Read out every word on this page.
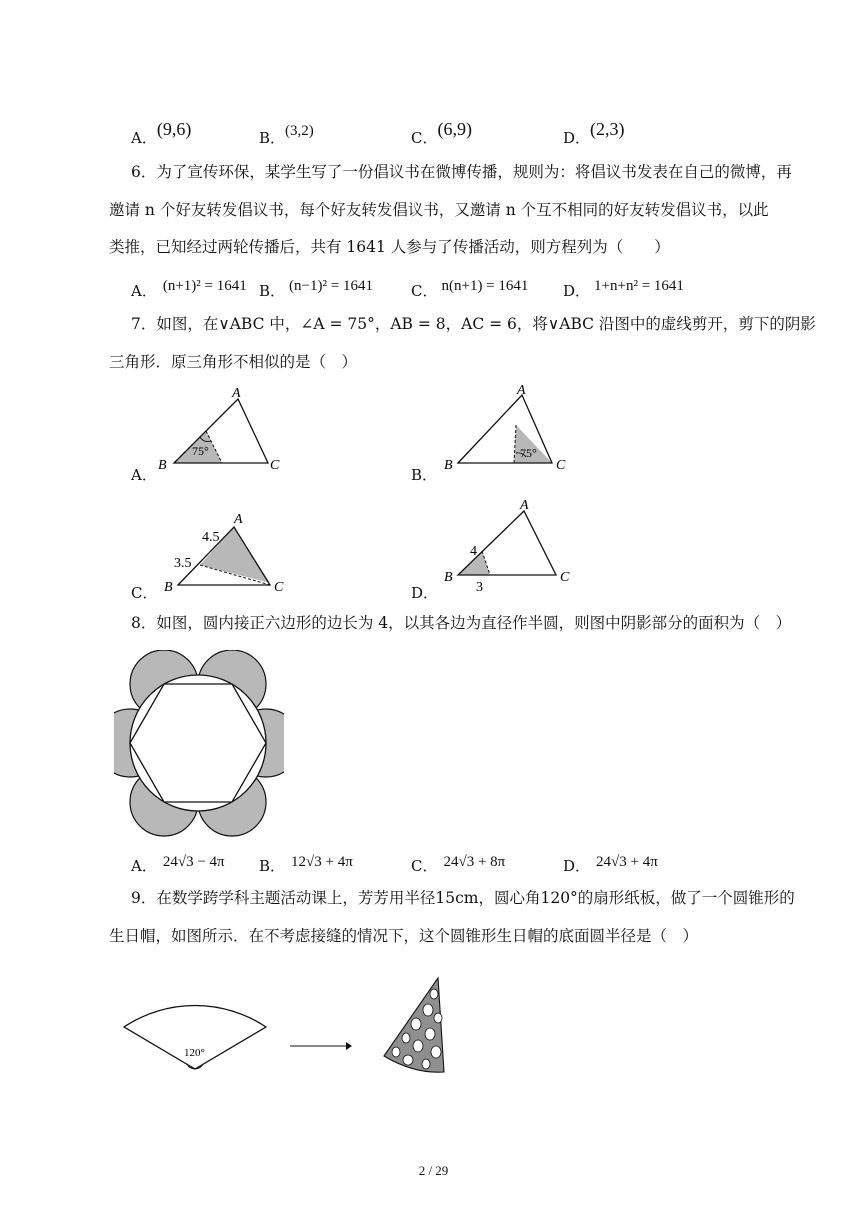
A．(9,6)	B．(3,2)	C．(6,9)	D．(2,3)
6．为了宣传环保，某学生写了一份倡议书在微博传播，规则为：将倡议书发表在自己的微博，再
邀请 n 个好友转发倡议书，每个好友转发倡议书，又邀请 n 个互不相同的好友转发倡议书，以此
类推，已知经过两轮传播后，共有 1641 人参与了传播活动，则方程列为（　　）
A． (n+1)² = 1641 B． (n−1)² = 1641	C． n(n+1) = 1641 D． 1+n+n² = 1641
7．如图，在∨ABC 中，∠A = 75°，AB = 8，AC = 6，将∨ABC 沿图中的虚线剪开，剪下的阴影
三角形．原三角形不相似的是（　）
A．
75°
B
A
C
B．
75°
B
A
C
C．
4.5
3.5
B
A
C	D．
4
3
B
A
C
8．如图，圆内接正六边形的边长为 4，以其各边为直径作半圆，则图中阴影部分的面积为（　）
A． 24√3 − 4π B． 12√3 + 4π	C． 24√3 + 8π	D． 24√3 + 4π
9．在数学跨学科主题活动课上，芳芳用半径15cm，圆心角120°的扇形纸板，做了一个圆锥形的
生日帽，如图所示．在不考虑接缝的情况下，这个圆锥形生日帽的底面圆半径是（　）
120°
2 / 29
